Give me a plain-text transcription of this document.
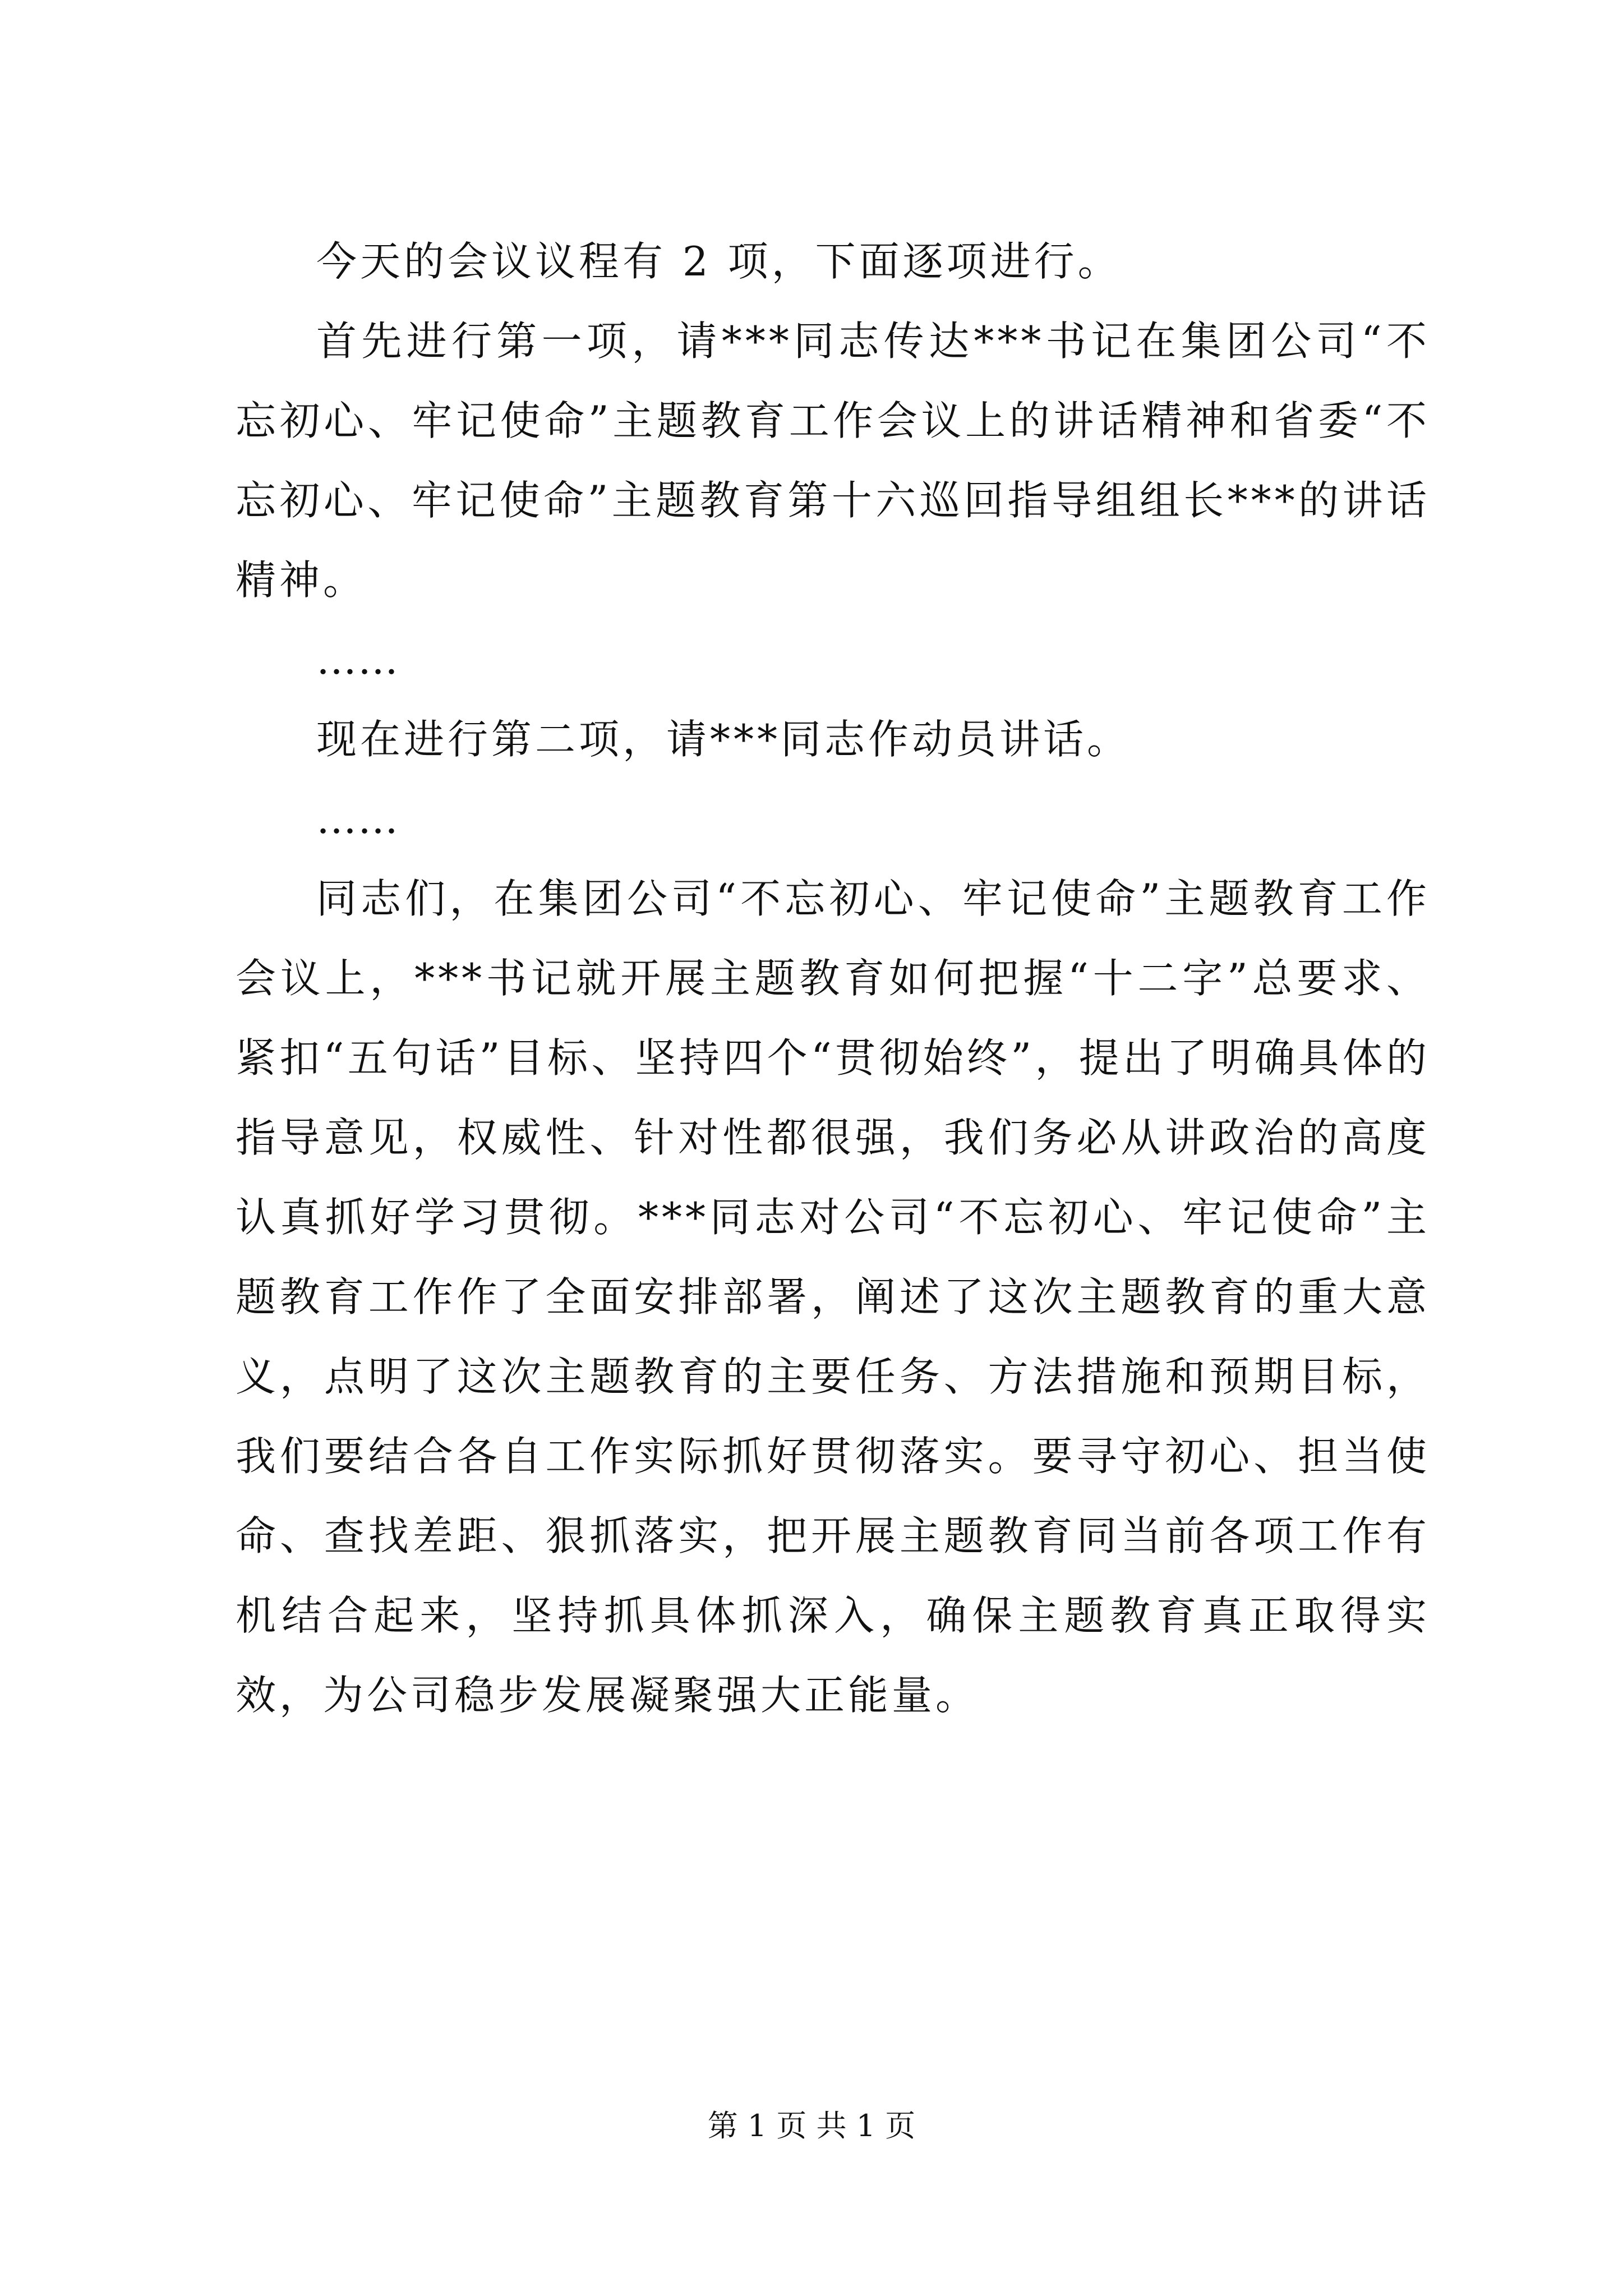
今天的会议议程有 2 项，下面逐项进行。

首先进行第一项，请***同志传达***书记在集团公司“不忘初心、牢记使命”主题教育工作会议上的讲话精神和省委“不忘初心、牢记使命”主题教育第十六巡回指导组组长***的讲话精神。

……

现在进行第二项，请***同志作动员讲话。

……

同志们，在集团公司“不忘初心、牢记使命”主题教育工作会议上，***书记就开展主题教育如何把握“十二字”总要求、紧扣“五句话”目标、坚持四个“贯彻始终”，提出了明确具体的指导意见，权威性、针对性都很强，我们务必从讲政治的高度认真抓好学习贯彻。***同志对公司“不忘初心、牢记使命”主题教育工作作了全面安排部署，阐述了这次主题教育的重大意义，点明了这次主题教育的主要任务、方法措施和预期目标，我们要结合各自工作实际抓好贯彻落实。要寻守初心、担当使命、查找差距、狠抓落实，把开展主题教育同当前各项工作有机结合起来，坚持抓具体抓深入，确保主题教育真正取得实效，为公司稳步发展凝聚强大正能量。

第 1 页 共 1 页
